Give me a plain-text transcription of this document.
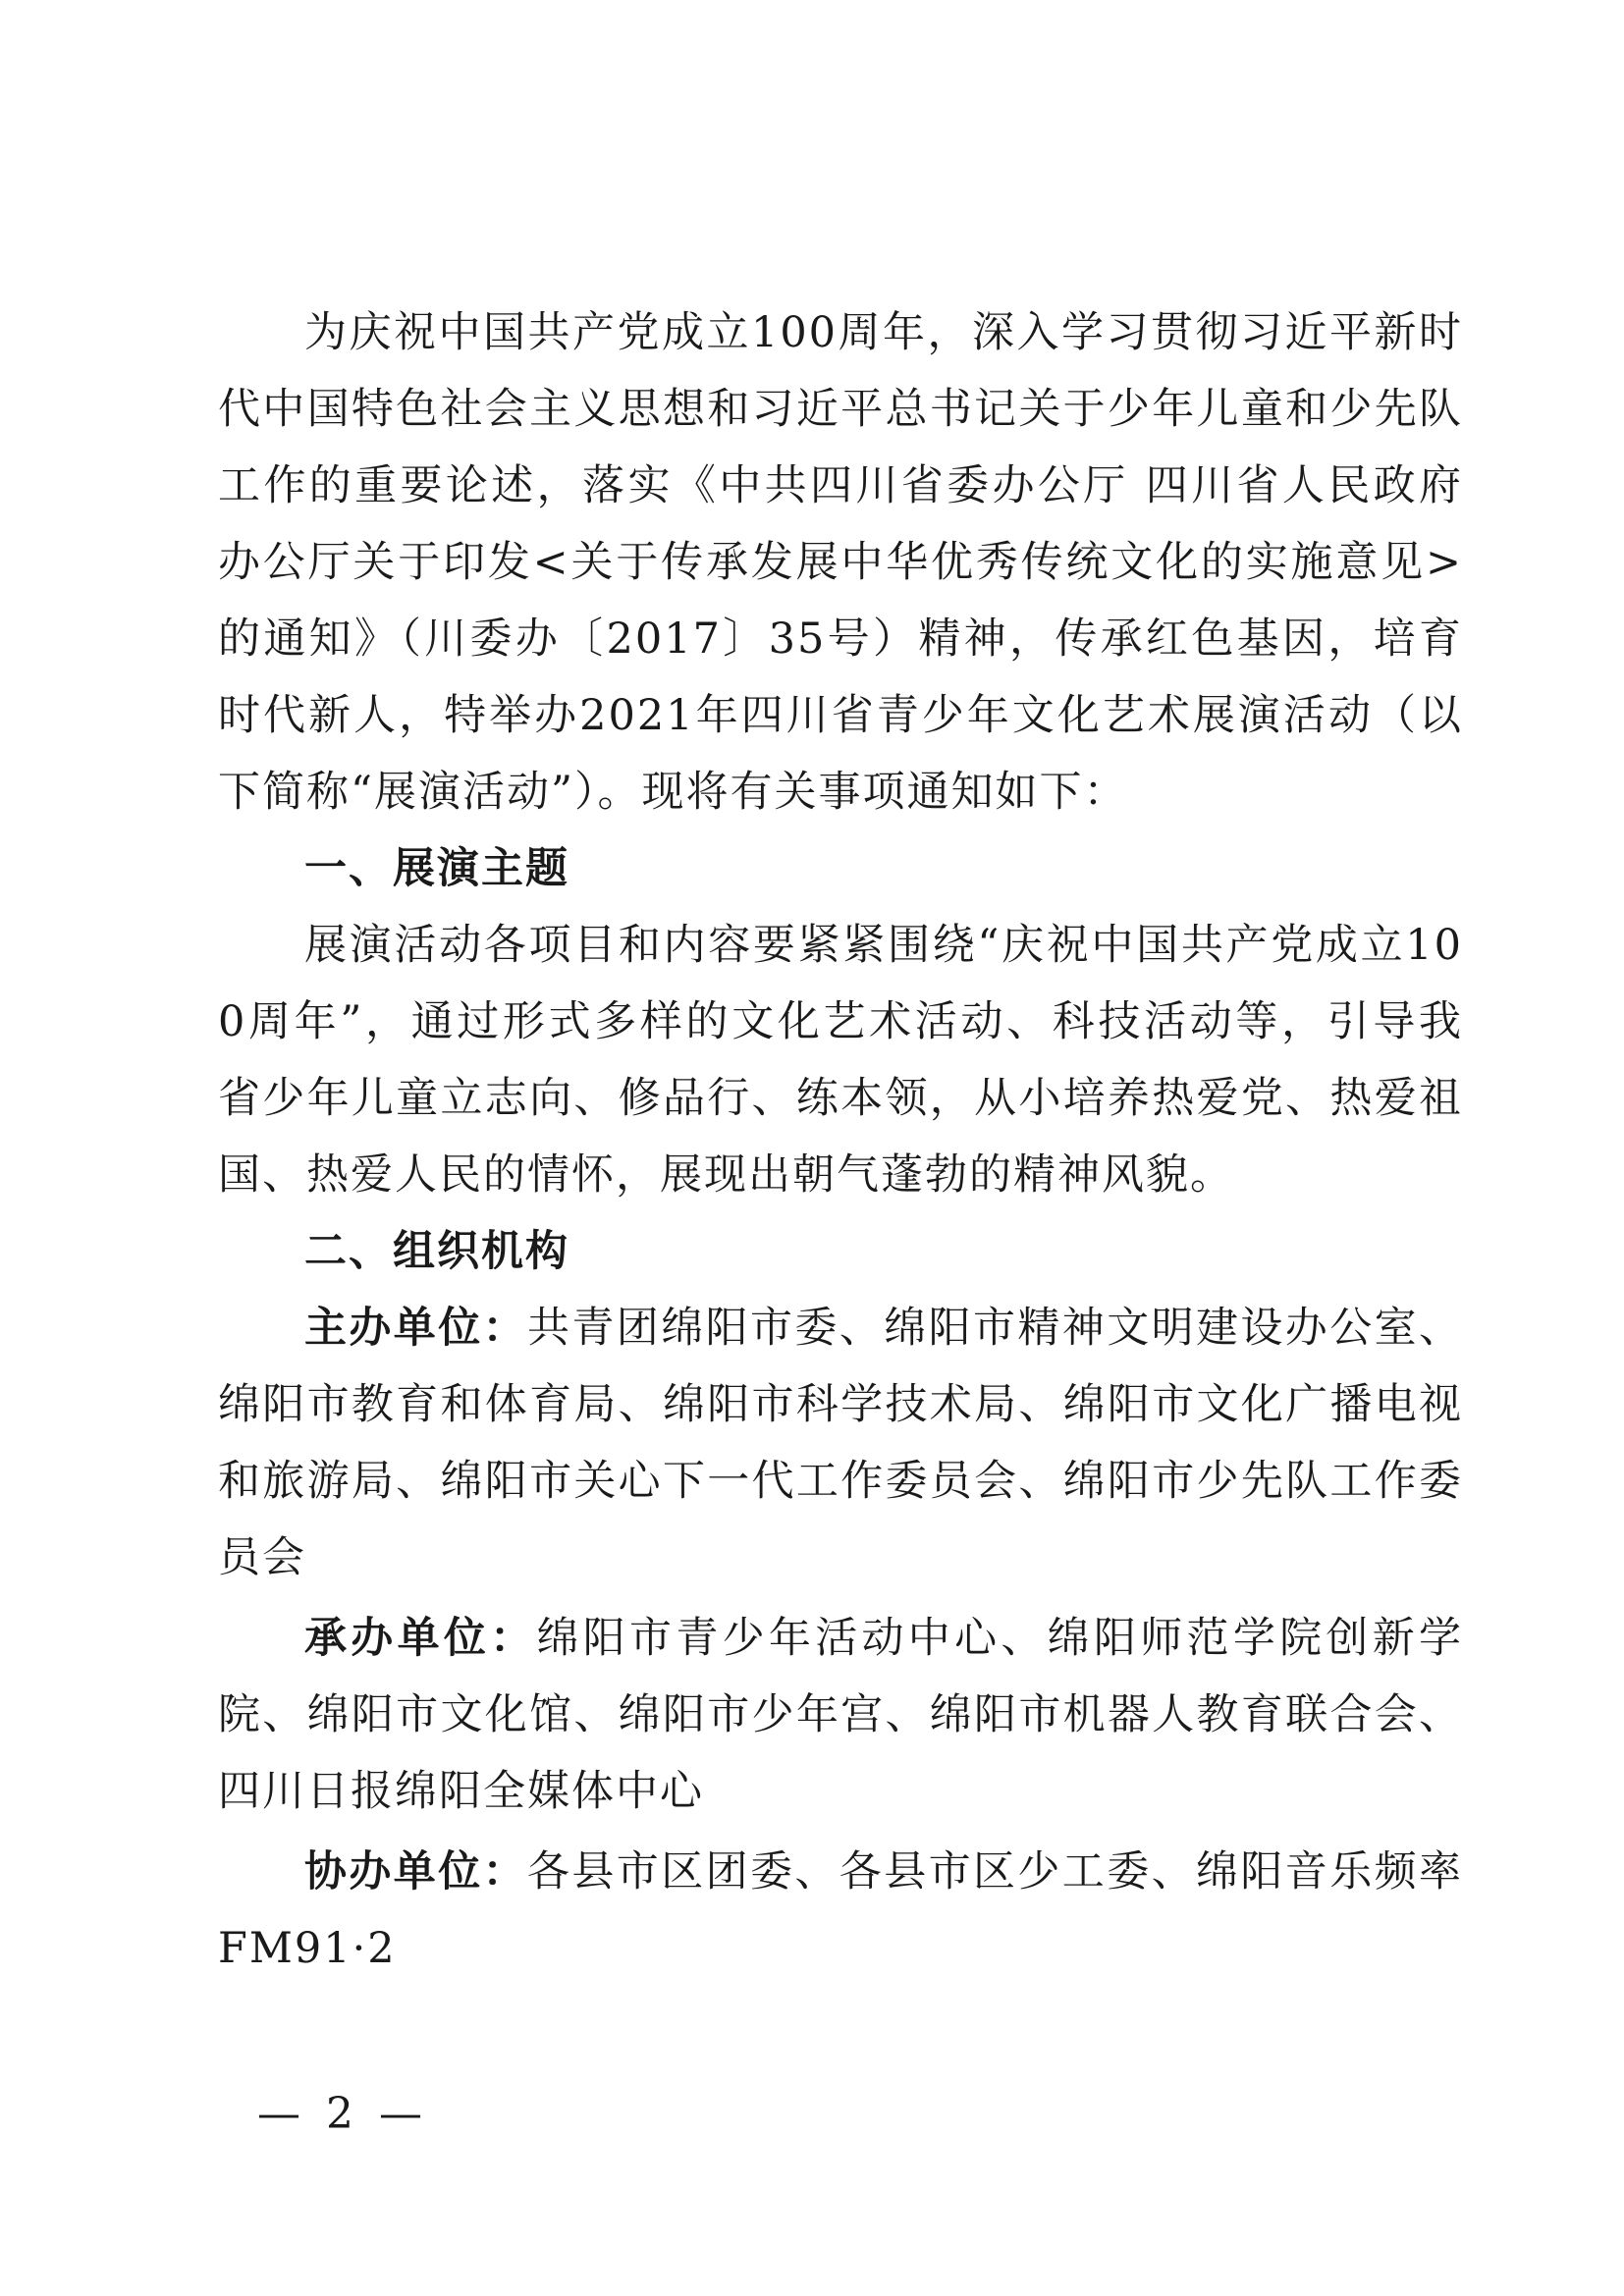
为庆祝中国共产党成立100周年，深入学习贯彻习近平新时代中国特色社会主义思想和习近平总书记关于少年儿童和少先队工作的重要论述，落实《中共四川省委办公厅 四川省人民政府办公厅关于印发<关于传承发展中华优秀传统文化的实施意见>的通知》（川委办〔2017〕35号）精神，传承红色基因，培育时代新人，特举办2021年四川省青少年文化艺术展演活动（以下简称“展演活动”）。现将有关事项通知如下：

一、展演主题

展演活动各项目和内容要紧紧围绕“庆祝中国共产党成立100周年”，通过形式多样的文化艺术活动、科技活动等，引导我省少年儿童立志向、修品行、练本领，从小培养热爱党、热爱祖国、热爱人民的情怀，展现出朝气蓬勃的精神风貌。

二、组织机构

主办单位：共青团绵阳市委、绵阳市精神文明建设办公室、绵阳市教育和体育局、绵阳市科学技术局、绵阳市文化广播电视和旅游局、绵阳市关心下一代工作委员会、绵阳市少先队工作委员会

承办单位：绵阳市青少年活动中心、绵阳师范学院创新学院、绵阳市文化馆、绵阳市少年宫、绵阳市机器人教育联合会、四川日报绵阳全媒体中心

协办单位：各县市区团委、各县市区少工委、绵阳音乐频率FM91·2

— 2 —
